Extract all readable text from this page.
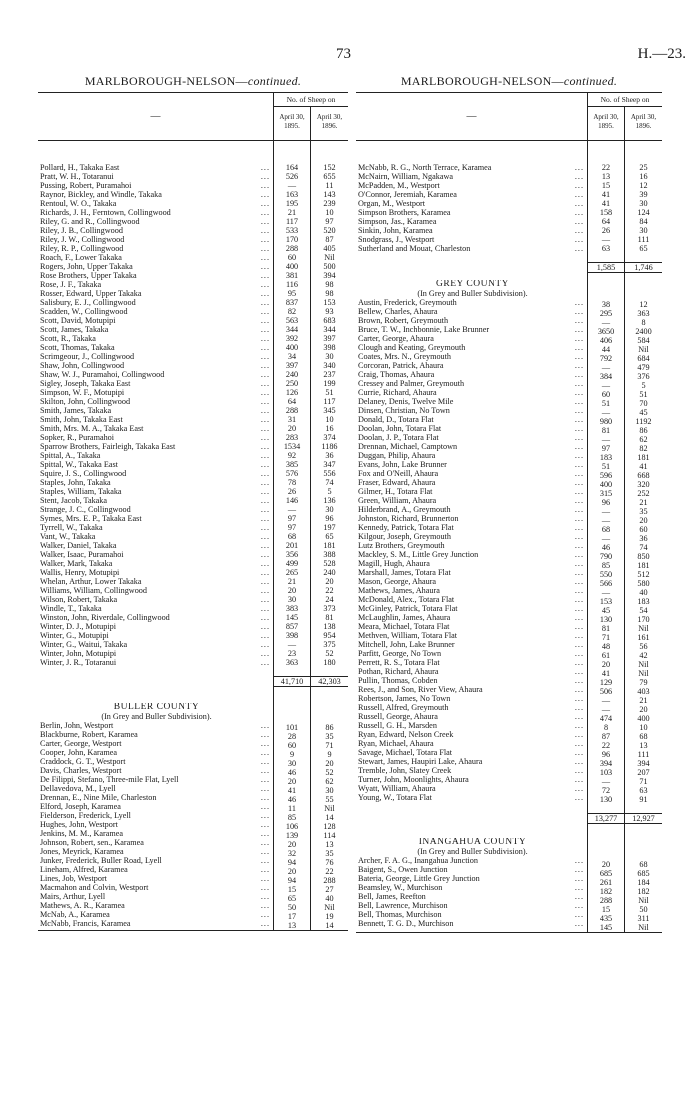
73	H.—23.
MARLBOROUGH-NELSON—continued.
—
No. of Sheep on
April 30, 1895.
April 30, 1896.
...
Pollard, H., Takaka East
...
Pratt, W. H., Totaranui
...
Pussing, Robert, Puramahoi
...
Raynor, Bickley, and Windle, Takaka
...
Rentoul, W. O., Takaka
...
Richards, J. H., Ferntown, Collingwood
...
Riley, G. and R., Collingwood
...
Riley, J. B., Collingwood
...
Riley, J. W., Collingwood
...
Riley, R. P., Collingwood
...
Roach, F., Lower Takaka
...
Rogers, John, Upper Takaka
...
Rose Brothers, Upper Takaka
...
Rose, J. F., Takaka
...
Rosser, Edward, Upper Takaka
...
Salisbury, E. J., Collingwood
...
Scadden, W., Collingwood
...
Scott, David, Motupipi
...
Scott, James, Takaka
...
Scott, R., Takaka
...
Scott, Thomas, Takaka
...
Scrimgeour, J., Collingwood
...
Shaw, John, Collingwood
...
Shaw, W. J., Puramahoi, Collingwood
...
Sigley, Joseph, Takaka East
...
Simpson, W. F., Motupipi
...
Skilton, John, Collingwood
...
Smith, James, Takaka
...
Smith, John, Takaka East
...
Smith, Mrs. M. A., Takaka East
...
Sopker, R., Puramahoi
...
Sparrow Brothers, Fairleigh, Takaka East
...
Spittal, A., Takaka
...
Spittal, W., Takaka East
...
Squire, J. S., Collingwood
...
Staples, John, Takaka
...
Staples, William, Takaka
...
Stent, Jacob, Takaka
...
Strange, J. C., Collingwood
...
Symes, Mrs. E. P., Takaka East
...
Tyrrell, W., Takaka
...
Vant, W., Takaka
...
Walker, Daniel, Takaka
...
Walker, Isaac, Puramahoi
...
Walker, Mark, Takaka
...
Wallis, Henry, Motupipi
...
Whelan, Arthur, Lower Takaka
...
Williams, William, Collingwood
...
Wilson, Robert, Takaka
...
Windle, T., Takaka
...
Winston, John, Riverdale, Collingwood
...
Winter, D. J., Motupipi
...
Winter, G., Motupipi
...
Winter, G., Waitui, Takaka
...
Winter, John, Motupipi
...
Winter, J. R., Totaranui
BULLER COUNTY
(In Grey and Buller Subdivision).
...
Berlin, John, Westport
...
Blackburne, Robert, Karamea
...
Carter, George, Westport
...
Cooper, John, Karamea
...
Craddock, G. T., Westport
...
Davis, Charles, Westport
...
De Filippi, Stefano, Three-mile Flat, Lyell
...
Dellavedova, M., Lyell
...
Drennan, E., Nine Mile, Charleston
...
Elford, Joseph, Karamea
...
Fielderson, Frederick, Lyell
...
Hughes, John, Westport
...
Jenkins, M. M., Karamea
...
Johnson, Robert, sen., Karamea
...
Jones, Meyrick, Karamea
...
Junker, Frederick, Buller Road, Lyell
...
Lineham, Alfred, Karamea
...
Lines, Job, Westport
...
Macmahon and Colvin, Westport
...
Mairs, Arthur, Lyell
...
Mathews, A. R., Karamea
...
McNab, A., Karamea
...
McNabb, Francis, Karamea
164
526
—
163
195
21
117
533
170
288
60
400
381
116
95
837
82
563
344
392
400
34
397
240
250
126
64
288
31
20
283
1534
92
385
576
78
26
146
—
97
97
68
201
356
499
265
21
20
30
383
145
857
398
—
23
363
41,710
101
28
60
9
30
46
20
41
46
11
85
106
139
20
32
94
20
94
15
65
50
17
13
152
655
11
143
239
10
97
520
87
405
Nil
500
394
98
98
153
93
683
344
397
398
30
340
237
199
51
117
345
10
16
374
1186
36
347
556
74
5
136
30
96
197
65
181
388
528
240
20
22
24
373
81
138
954
375
52
180
42,303
86
35
71
9
20
52
62
30
55
Nil
14
128
114
13
35
76
22
288
27
40
Nil
19
14
MARLBOROUGH-NELSON—continued.
—
No. of Sheep on
April 30, 1895.
April 30, 1896.
...
McNabb, R. G., North Terrace, Karamea
...
McNairn, William, Ngakawa
...
McPadden, M., Westport
...
O'Connor, Jeremiah, Karamea
...
Organ, M., Westport
...
Simpson Brothers, Karamea
...
Simpson, Jas., Karamea
...
Sinkin, John, Karamea
...
Snodgrass, J., Westport
...
Sutherland and Mouat, Charleston
GREY COUNTY
(In Grey and Buller Subdivision).
...
Austin, Frederick, Greymouth
...
Bellew, Charles, Ahaura
...
Brown, Robert, Greymouth
...
Bruce, T. W., Inchbonnie, Lake Brunner
...
Carter, George, Ahaura
...
Clough and Keating, Greymouth
...
Coates, Mrs. N., Greymouth
...
Corcoran, Patrick, Ahaura
...
Craig, Thomas, Ahaura
...
Cressey and Palmer, Greymouth
...
Currie, Richard, Ahaura
...
Delaney, Denis, Twelve Mile
...
Dinsen, Christian, No Town
...
Donald, D., Totara Flat
...
Doolan, John, Totara Flat
...
Doolan, J. P., Totara Flat
...
Drennan, Michael, Camptown
...
Duggan, Philip, Ahaura
...
Evans, John, Lake Brunner
...
Fox and O'Neill, Ahaura
...
Fraser, Edward, Ahaura
...
Gilmer, H., Totara Flat
...
Green, William, Ahaura
...
Hilderbrand, A., Greymouth
...
Johnston, Richard, Brunnerton
...
Kennedy, Patrick, Totara Flat
...
Kilgour, Joseph, Greymouth
...
Lutz Brothers, Greymouth
...
Mackley, S. M., Little Grey Junction
...
Magill, Hugh, Ahaura
...
Marshall, James, Totara Flat
...
Mason, George, Ahaura
...
Mathews, James, Ahaura
...
McDonald, Alex., Totara Flat
...
McGinley, Patrick, Totara Flat
...
McLaughlin, James, Ahaura
...
Meara, Michael, Totara Flat
...
Methven, William, Totara Flat
...
Mitchell, John, Lake Brunner
...
Parfitt, George, No Town
...
Perrett, R. S., Totara Flat
...
Pothan, Richard, Ahaura
...
Pullin, Thomas, Cobden
...
Rees, J., and Son, River View, Ahaura
...
Robertson, James, No Town
...
Russell, Alfred, Greymouth
...
Russell, George, Ahaura
...
Russell, G. H., Marsden
...
Ryan, Edward, Nelson Creek
...
Ryan, Michael, Ahaura
...
Savage, Michael, Totara Flat
...
Stewart, James, Haupiri Lake, Ahaura
...
Tremble, John, Slatey Creek
...
Turner, John, Moonlights, Ahaura
...
Wyatt, William, Ahaura
...
Young, W., Totara Flat
INANGAHUA COUNTY
(In Grey and Buller Subdivision).
...
Archer, F. A. G., Inangahua Junction
...
Baigent, S., Owen Junction
...
Bateria, George, Little Grey Junction
...
Beamsley, W., Murchison
...
Bell, James, Reefton
...
Bell, Lawrence, Murchison
...
Bell, Thomas, Murchison
...
Bennett, T. G. D., Murchison
22
13
15
41
41
158
64
26
—
63
1,585
38
295
—
3650
406
44
792
—
384
—
60
51
—
980
81
—
97
183
51
596
400
315
96
—
—
68
—
46
790
85
550
566
—
153
45
130
81
71
48
61
20
41
129
506
—
—
474
8
87
22
96
394
103
—
72
130
13,277
20
685
261
182
288
15
435
145
25
16
12
39
30
124
84
30
111
65
1,746
12
363
8
2400
584
Nil
684
479
376
5
51
70
45
1192
86
62
82
181
41
668
320
252
21
35
20
60
36
74
850
181
512
580
40
183
54
170
Nil
161
56
42
Nil
Nil
79
403
21
20
400
10
68
13
111
394
207
71
63
91
12,927
68
685
184
182
Nil
50
311
Nil
